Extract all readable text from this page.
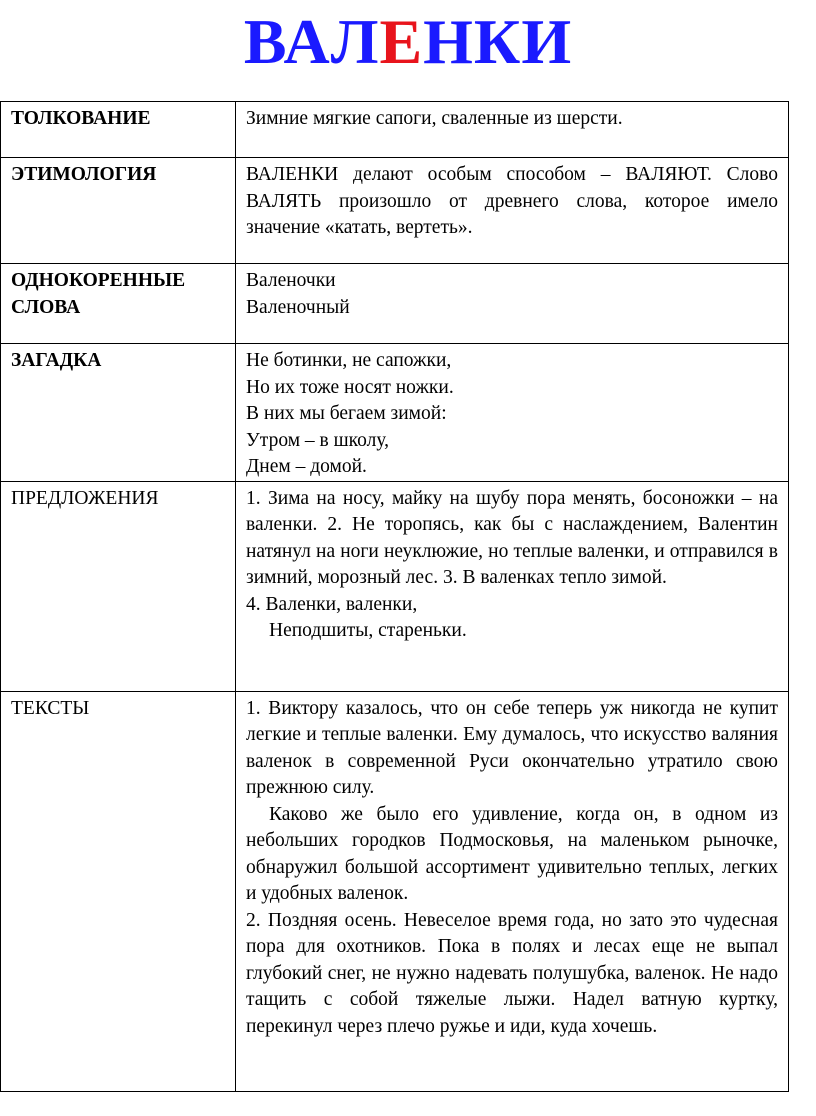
ВАЛЕНКИ
ТОЛКОВАНИЕ	Зимние мягкие сапоги, сваленные из шерсти.
ЭТИМОЛОГИЯ	ВАЛЕНКИ делают особым способом – ВАЛЯЮТ. Слово ВАЛЯТЬ произошло от древнего слова, которое имело значение «катать, вертеть».

ОДНОКОРЕННЫЕ
СЛОВА	Валеночки
Валеночный

ЗАГАДКА	Не ботинки, не сапожки,
Но их тоже носят ножки.
В них мы бегаем зимой:
Утром – в школу,
Днем – домой.

ПРЕДЛОЖЕНИЯ	1. Зима на носу, майку на шубу пора менять, босоножки – на валенки. 2. Не торопясь, как бы с наслаждением, Валентин натянул на ноги неуклюжие, но теплые валенки, и отправился в зимний, морозный лес. 3. В валенках тепло зимой.

4. Валенки, валенки,
Неподшиты, стареньки.

ТЕКСТЫ	1. Виктору казалось, что он себе теперь уж никогда не купит легкие и теплые валенки. Ему думалось, что искусство валяния валенок в современной Руси окончательно утратило свою прежнюю силу.

Каково же было его удивление, когда он, в одном из небольших городков Подмосковья, на маленьком рыночке, обнаружил большой ассортимент удивительно теплых, легких и удобных валенок.

2. Поздняя осень. Невеселое время года, но зато это чудесная пора для охотников. Пока в полях и лесах еще не выпал глубокий снег, не нужно надевать полушубка, валенок. Не надо тащить с собой тяжелые лыжи. Надел ватную куртку, перекинул через плечо ружье и иди, куда хочешь.
